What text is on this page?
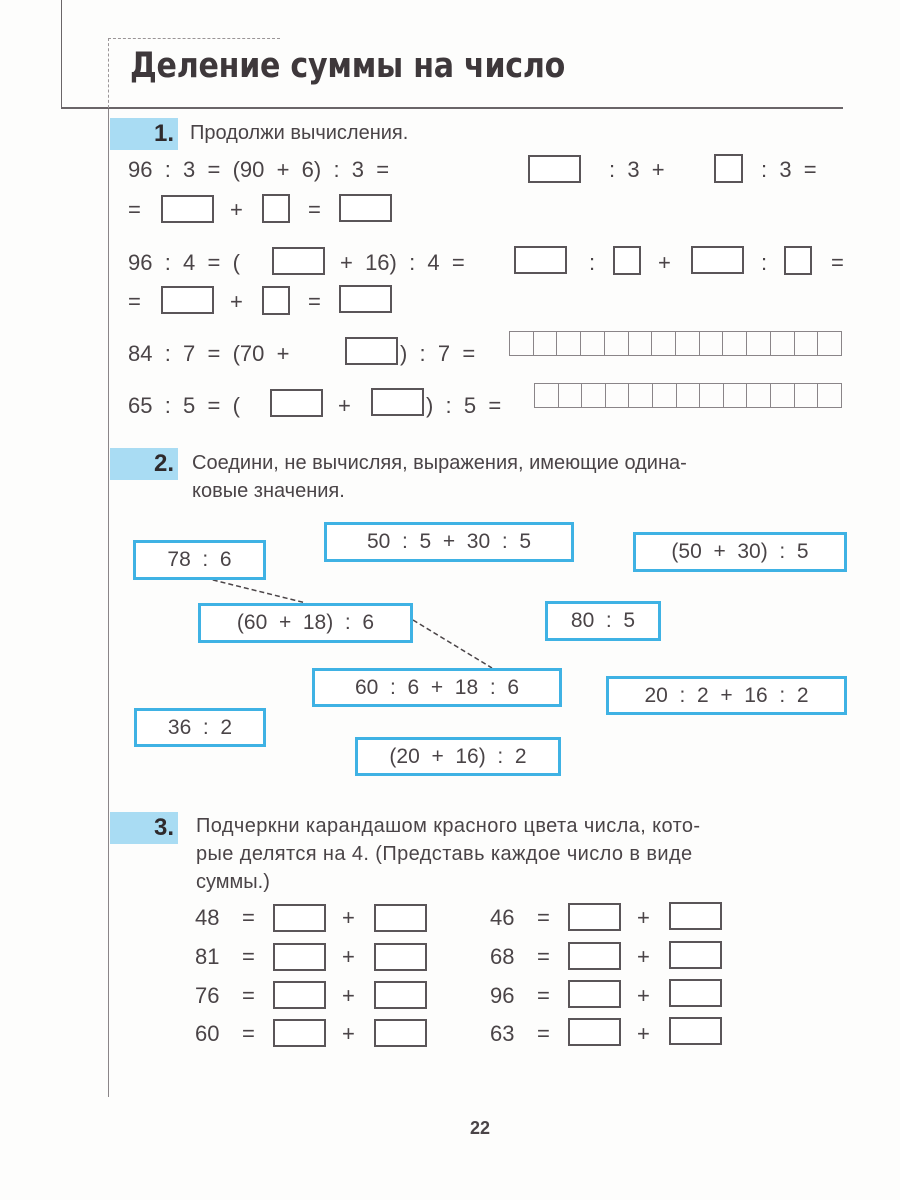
Деление суммы на число
1. Продолжи вычисления.
96  :  3  =  (90  +  6)  :  3  =	:  3  +	:  3  =
=	+	=
96  :  4  =  (	+  16)  :  4  =	:	+	:	=
=	+	=
84  :  7  =  (70  +	)  :  7  =
65  :  5  =  (	+	)  :  5  =
2. Соедини, не вычисляя, выражения, имеющие одина-
ковые значения.
78  :  6
50  :  5  +  30  :  5	(50  +  30)  :  5
(60  +  18)  :  6	80  :  5
60  :  6  +  18  :  6	20  :  2  +  16  :  2
36  :  2
(20  +  16)  :  2
3. Подчеркни карандашом красного цвета числа, кото-
рые делятся на 4. (Представь каждое число в виде
суммы.)
48 =	+
81 =	+
76 =	+
60 =	+
46 =	+
68 =	+
96 =	+
63 =	+
22
